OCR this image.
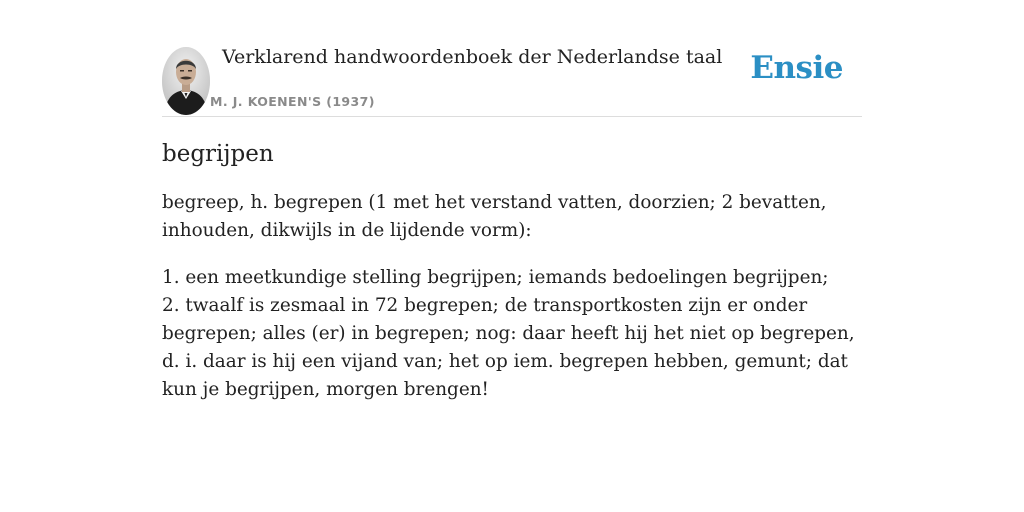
Verklarend handwoordenboek der Nederlandse taal
M. J. KOENEN'S (1937)
Ensie
begrijpen

begreep, h. begrepen (1 met het verstand vatten, doorzien; 2 bevatten, inhouden, dikwijls in de lijdende vorm):

1. een meetkundige stelling begrijpen; iemands bedoelingen begrijpen;
2. twaalf is zesmaal in 72 begrepen; de transportkosten zijn er onder begrepen; alles (er) in begrepen; nog: daar heeft hij het niet op begrepen, d. i. daar is hij een vijand van; het op iem. begrepen hebben, gemunt; dat kun je begrijpen, morgen brengen!
